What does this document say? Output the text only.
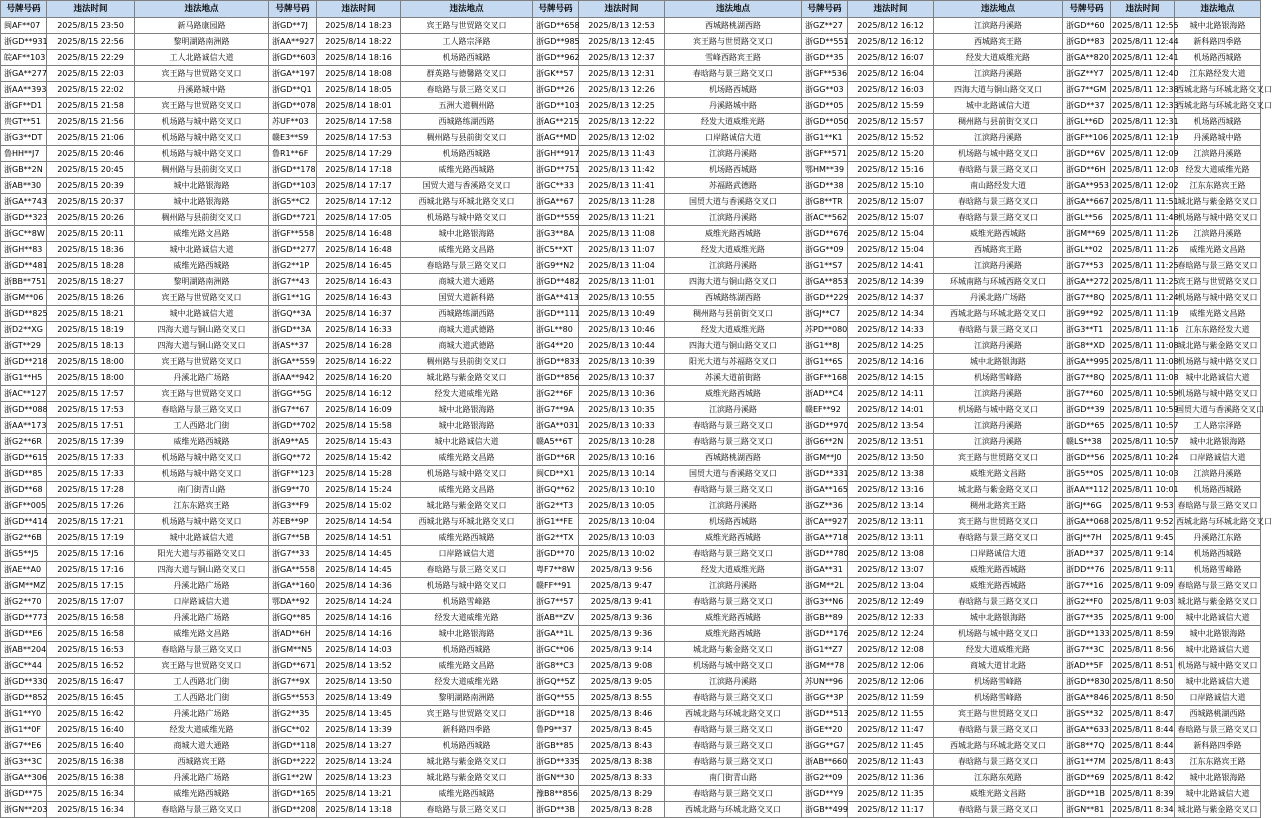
号牌号码	违法时间	违法地点	号牌号码	违法时间	违法地点	号牌号码	违法时间	违法地点	号牌号码	违法时间	违法地点	号牌号码	违法时间	违法地点
闽AF**07	2025/8/15 23:50	新马路康园路	浙GD**7J	2025/8/14 18:23	宾王路与世贸路交叉口	浙GD**658	2025/8/13 12:53	西城路桃湖西路	浙GZ**27	2025/8/12 16:12	江滨路丹溪路	浙GD**60	2025/8/11 12:55	城中北路银海路
浙GD**931	2025/8/15 22:56	黎明湖路南洲路	浙AA**927	2025/8/14 18:22	工人路宗泽路	浙GD**985	2025/8/13 12:45	宾王路与世贸路交叉口	浙GD**551	2025/8/12 16:12	西城路宾王路	浙GD**83	2025/8/11 12:44	新科路四季路
皖AF**103	2025/8/15 22:29	工人北路诚信大道	浙GD**603	2025/8/14 18:16	机场路西城路	浙GD**962	2025/8/13 12:37	雪峰西路宾王路	浙GD**35	2025/8/12 16:07	经发大道威维光路	浙GA**820	2025/8/11 12:41	机场路西城路
浙GA**277	2025/8/15 22:03	宾王路与世贸路交叉口	浙GA**197	2025/8/14 18:08	群英路与德馨路交叉口	浙GK**57	2025/8/13 12:31	春晗路与景三路交叉口	浙GF**536	2025/8/12 16:04	江滨路丹溪路	浙GZ**Y7	2025/8/11 12:40	江东路经发大道
浙AA**393	2025/8/15 22:02	丹溪路城中路	浙GD**Q1	2025/8/14 18:05	春晗路与景三路交叉口	浙GD**26	2025/8/13 12:26	机场路西城路	浙GG**03	2025/8/12 16:03	四海大道与铜山路交叉口	浙G7**GM	2025/8/11 12:38	西城北路与环城北路交叉口
浙GF**D1	2025/8/15 21:58	宾王路与世贸路交叉口	浙GD**078	2025/8/14 18:01	五洲大道稠州路	浙GD**103	2025/8/13 12:25	丹溪路城中路	浙GD**05	2025/8/12 15:59	城中北路诚信大道	浙GD**37	2025/8/11 12:33	西城北路与环城北路交叉口
贵GT**51	2025/8/15 21:56	机场路与城中路交叉口	苏UF**03	2025/8/14 17:58	西城路练湖西路	浙AG**215	2025/8/13 12:22	经发大道威维光路	浙GD**050	2025/8/12 15:57	稠州路与县前街交叉口	浙GL**6D	2025/8/11 12:31	机场路西城路
浙G3**DT	2025/8/15 21:06	机场路与城中路交叉口	赣E3**S9	2025/8/14 17:53	稠州路与县前街交叉口	浙AG**MD	2025/8/13 12:02	口岸路诚信大道	浙G1**K1	2025/8/12 15:52	江滨路丹溪路	浙GF**106	2025/8/11 12:19	丹溪路城中路
鲁HH**J7	2025/8/15 20:46	机场路与城中路交叉口	鲁R1**6F	2025/8/14 17:29	机场路西城路	浙GH**917	2025/8/13 11:43	江滨路丹溪路	浙GF**571	2025/8/12 15:20	机场路与城中路交叉口	浙GD**6V	2025/8/11 12:09	江滨路丹溪路
浙GB**2N	2025/8/15 20:45	稠州路与县前街交叉口	浙GD**178	2025/8/14 17:18	威维光路西城路	浙GD**751	2025/8/13 11:42	机场路西城路	鄂HM**39	2025/8/12 15:16	春晗路与景三路交叉口	浙GD**6H	2025/8/11 12:03	经发大道威维光路
浙AB**30	2025/8/15 20:39	城中北路银海路	浙GD**103	2025/8/14 17:17	国贸大道与香溪路交叉口	浙GC**33	2025/8/13 11:41	苏福路武德路	浙GD**38	2025/8/12 15:10	南山路经发大道	浙GA**953	2025/8/11 12:02	江东东路宾王路
浙GA**743	2025/8/15 20:37	城中北路银海路	浙G5**C2	2025/8/14 17:12	西城北路与环城北路交叉口	浙GA**67	2025/8/13 11:28	国贸大道与香溪路交叉口	浙G8**TR	2025/8/12 15:07	春晗路与景三路交叉口	浙GA**667	2025/8/11 11:51	城北路与紫金路交叉口
浙GD**323	2025/8/15 20:26	稠州路与县前街交叉口	浙GD**721	2025/8/14 17:05	机场路与城中路交叉口	浙GD**559	2025/8/13 11:21	江滨路丹溪路	浙AC**562	2025/8/12 15:07	春晗路与景三路交叉口	浙GL**56	2025/8/11 11:48	机场路与城中路交叉口
浙GC**8W	2025/8/15 20:11	威维光路文昌路	浙GF**558	2025/8/14 16:48	城中北路银海路	浙G3**8A	2025/8/13 11:08	威维光路西城路	浙GD**676	2025/8/12 15:04	威维光路西城路	浙GM**69	2025/8/11 11:26	江滨路丹溪路
浙GH**83	2025/8/15 18:36	城中北路诚信大道	浙GD**277	2025/8/14 16:48	威维光路文昌路	浙C5**XT	2025/8/13 11:07	经发大道威维光路	浙GG**09	2025/8/12 15:04	西城路宾王路	浙GL**02	2025/8/11 11:26	威维光路文昌路
浙GD**481	2025/8/15 18:28	威维光路西城路	浙G2**1P	2025/8/14 16:45	春晗路与景三路交叉口	浙G9**N2	2025/8/13 11:04	江滨路丹溪路	浙G1**S7	2025/8/12 14:41	江滨路丹溪路	浙G7**53	2025/8/11 11:25	春晗路与景三路交叉口
浙BB**751	2025/8/15 18:27	黎明湖路南洲路	浙G7**43	2025/8/14 16:43	商城大道大通路	浙GD**482	2025/8/13 11:01	四海大道与铜山路交叉口	浙GA**853	2025/8/12 14:39	环城南路与环城西路交叉口	浙GA**272	2025/8/11 11:25	宾王路与世贸路交叉口
浙GM**06	2025/8/15 18:26	宾王路与世贸路交叉口	浙G1**1G	2025/8/14 16:43	国贸大道新科路	浙GA**413	2025/8/13 10:55	西城路练湖西路	浙GD**229	2025/8/12 14:37	丹溪北路广场路	浙G7**8Q	2025/8/11 11:24	机场路与城中路交叉口
浙GD**825	2025/8/15 18:21	城中北路诚信大道	浙GQ**3A	2025/8/14 16:37	西城路练湖西路	浙GD**111	2025/8/13 10:49	稠州路与县前街交叉口	浙GJ**C7	2025/8/12 14:34	西城北路与环城北路交叉口	浙G9**92	2025/8/11 11:19	威维光路文昌路
浙D2**XG	2025/8/15 18:19	四海大道与铜山路交叉口	浙GD**3A	2025/8/14 16:33	商城大道武德路	浙GL**80	2025/8/13 10:46	经发大道威维光路	苏PD**080	2025/8/12 14:33	春晗路与景三路交叉口	浙G3**T1	2025/8/11 11:16	江东东路经发大道
浙GT**29	2025/8/15 18:13	四海大道与铜山路交叉口	浙AS**37	2025/8/14 16:28	商城大道武德路	浙G4**20	2025/8/13 10:44	四海大道与铜山路交叉口	浙G1**8J	2025/8/12 14:25	江滨路丹溪路	浙G8**XD	2025/8/11 11:08	城北路与紫金路交叉口
浙GD**218	2025/8/15 18:00	宾王路与世贸路交叉口	浙GA**559	2025/8/14 16:22	稠州路与县前街交叉口	浙GD**833	2025/8/13 10:39	阳光大道与苏福路交叉口	浙G1**6S	2025/8/12 14:16	城中北路银海路	浙GA**995	2025/8/11 11:08	机场路与城中路交叉口
浙G1**H5	2025/8/15 18:00	丹溪北路广场路	浙AA**942	2025/8/14 16:20	城北路与紫金路交叉口	浙GD**856	2025/8/13 10:37	苏溪大道前街路	浙GF**168	2025/8/12 14:15	机场路雪峰路	浙G7**8Q	2025/8/11 11:08	城中北路诚信大道
浙AC**127	2025/8/15 17:57	宾王路与世贸路交叉口	浙GG**5G	2025/8/14 16:12	经发大道威维光路	浙G2**6F	2025/8/13 10:36	威维光路西城路	浙AD**C4	2025/8/12 14:11	江滨路丹溪路	浙G7**60	2025/8/11 10:59	机场路与城中路交叉口
浙GD**088	2025/8/15 17:53	春晗路与景三路交叉口	浙G7**67	2025/8/14 16:09	城中北路银海路	浙G7**9A	2025/8/13 10:35	江滨路丹溪路	赣EF**92	2025/8/12 14:01	机场路与城中路交叉口	浙GD**39	2025/8/11 10:59	国贸大道与香溪路交叉口
浙AA**173	2025/8/15 17:51	工人西路北门街	浙GD**702	2025/8/14 15:58	城中北路银海路	浙GA**031	2025/8/13 10:33	春晗路与景三路交叉口	浙GD**970	2025/8/12 13:54	江滨路丹溪路	浙GD**65	2025/8/11 10:57	工人路宗泽路
浙G2**6R	2025/8/15 17:39	威维光路西城路	浙A9**A5	2025/8/14 15:43	城中北路诚信大道	赣A5**6T	2025/8/13 10:28	春晗路与景三路交叉口	浙G6**2N	2025/8/12 13:51	江滨路丹溪路	赣LS**38	2025/8/11 10:57	城中北路银海路
浙GD**615	2025/8/15 17:33	机场路与城中路交叉口	浙GQ**72	2025/8/14 15:42	威维光路文昌路	浙GD**6R	2025/8/13 10:16	西城路桃湖西路	浙GM**J0	2025/8/12 13:50	宾王路与世贸路交叉口	浙GD**56	2025/8/11 10:24	口岸路诚信大道
浙GD**85	2025/8/15 17:33	机场路与城中路交叉口	浙GF**123	2025/8/14 15:28	机场路与城中路交叉口	闽CD**X1	2025/8/13 10:14	国贸大道与香溪路交叉口	浙GD**331	2025/8/12 13:38	威维光路文昌路	浙G5**0S	2025/8/11 10:03	江滨路丹溪路
浙GD**68	2025/8/15 17:28	南门街青山路	浙G9**70	2025/8/14 15:24	威维光路文昌路	浙GQ**62	2025/8/13 10:10	春晗路与景三路交叉口	浙GA**165	2025/8/12 13:16	城北路与紫金路交叉口	浙AA**112	2025/8/11 10:01	机场路西城路
浙GF**005	2025/8/15 17:26	江东东路宾王路	浙G3**F9	2025/8/14 15:02	城北路与紫金路交叉口	浙G2**T3	2025/8/13 10:05	江滨路丹溪路	浙GZ**36	2025/8/12 13:14	稠州北路宾王路	浙GJ**6G	2025/8/11 9:53	春晗路与景三路交叉口
浙GD**414	2025/8/15 17:21	机场路与城中路交叉口	苏EB**9P	2025/8/14 14:54	西城北路与环城北路交叉口	浙G1**FE	2025/8/13 10:04	机场路西城路	浙CA**927	2025/8/12 13:11	宾王路与世贸路交叉口	浙GA**068	2025/8/11 9:52	西城北路与环城北路交叉口
浙G2**6B	2025/8/15 17:19	城中北路诚信大道	浙G7**5B	2025/8/14 14:51	威维光路西城路	浙G2**TX	2025/8/13 10:03	威维光路西城路	浙GA**718	2025/8/12 13:11	春晗路与景三路交叉口	浙GJ**7H	2025/8/11 9:45	丹溪路江东路
浙G5**J5	2025/8/15 17:16	阳光大道与苏福路交叉口	浙G7**33	2025/8/14 14:45	口岸路诚信大道	浙GD**70	2025/8/13 10:02	春晗路与景三路交叉口	浙GD**780	2025/8/12 13:08	口岸路诚信大道	浙AD**37	2025/8/11 9:14	机场路西城路
浙AE**A0	2025/8/15 17:16	四海大道与铜山路交叉口	浙GA**558	2025/8/14 14:45	春晗路与景三路交叉口	粤F7**8W	2025/8/13 9:56	经发大道威维光路	浙GA**31	2025/8/12 13:07	威维光路西城路	浙DD**76	2025/8/11 9:11	机场路雪峰路
浙GM**MZ	2025/8/15 17:15	丹溪北路广场路	浙GA**160	2025/8/14 14:36	机场路与城中路交叉口	赣FF**91	2025/8/13 9:47	江滨路丹溪路	浙GM**2L	2025/8/12 13:04	威维光路西城路	浙G7**16	2025/8/11 9:09	春晗路与景三路交叉口
浙G2**70	2025/8/15 17:07	口岸路诚信大道	鄂DA**92	2025/8/14 14:24	机场路雪峰路	浙G7**57	2025/8/13 9:41	春晗路与景三路交叉口	浙G3**N6	2025/8/12 12:49	春晗路与景三路交叉口	浙G2**F0	2025/8/11 9:03	城北路与紫金路交叉口
浙GD**773	2025/8/15 16:58	丹溪北路广场路	浙GQ**85	2025/8/14 14:16	经发大道威维光路	浙AB**ZV	2025/8/13 9:36	威维光路西城路	浙GB**89	2025/8/12 12:33	城中北路银海路	浙G7**35	2025/8/11 9:00	城中北路诚信大道
浙GD**E6	2025/8/15 16:58	威维光路文昌路	浙AD**6H	2025/8/14 14:16	城中北路银海路	浙GA**1L	2025/8/13 9:36	威维光路西城路	浙GD**176	2025/8/12 12:24	机场路与城中路交叉口	浙GD**133	2025/8/11 8:59	城中北路银海路
浙AB**204	2025/8/15 16:53	春晗路与景三路交叉口	浙GM**N5	2025/8/14 14:03	机场路西城路	浙GC**06	2025/8/13 9:14	城北路与紫金路交叉口	浙G1**Z7	2025/8/12 12:08	经发大道威维光路	浙G7**3C	2025/8/11 8:56	城中北路诚信大道
浙GC**44	2025/8/15 16:52	宾王路与世贸路交叉口	浙GD**671	2025/8/14 13:52	威维光路文昌路	浙G8**C3	2025/8/13 9:08	机场路与城中路交叉口	浙GM**78	2025/8/12 12:06	商城大道甘北路	浙AD**5F	2025/8/11 8:51	机场路与城中路交叉口
浙GD**330	2025/8/15 16:47	工人西路北门街	浙G7**9X	2025/8/14 13:50	经发大道威维光路	浙GQ**5Z	2025/8/13 9:05	江滨路丹溪路	苏UN**96	2025/8/12 12:06	机场路雪峰路	浙GD**830	2025/8/11 8:50	城中北路诚信大道
浙GD**852	2025/8/15 16:45	工人西路北门街	浙G5**553	2025/8/14 13:49	黎明湖路南洲路	浙GQ**55	2025/8/13 8:55	春晗路与景三路交叉口	浙GG**3P	2025/8/12 11:59	机场路雪峰路	浙GA**846	2025/8/11 8:50	口岸路诚信大道
浙G1**Y0	2025/8/15 16:42	丹溪北路广场路	浙G2**35	2025/8/14 13:45	宾王路与世贸路交叉口	浙GD**18	2025/8/13 8:46	西城北路与环城北路交叉口	浙GD**513	2025/8/12 11:55	宾王路与世贸路交叉口	浙GS**32	2025/8/11 8:47	西城路桃湖西路
浙G1**0F	2025/8/15 16:40	经发大道威维光路	浙GC**02	2025/8/14 13:39	新科路四季路	鲁P9**37	2025/8/13 8:45	春晗路与景三路交叉口	浙GE**20	2025/8/12 11:47	春晗路与景三路交叉口	浙GA**633	2025/8/11 8:44	春晗路与景三路交叉口
浙G7**E6	2025/8/15 16:40	商城大道大通路	浙GD**118	2025/8/14 13:27	机场路西城路	浙GB**85	2025/8/13 8:43	春晗路与景三路交叉口	浙GG**G7	2025/8/12 11:45	西城北路与环城北路交叉口	浙G8**7Q	2025/8/11 8:44	新科路四季路
浙G3**3C	2025/8/15 16:38	西城路宾王路	浙GD**222	2025/8/14 13:24	城北路与紫金路交叉口	浙GD**335	2025/8/13 8:38	春晗路与景三路交叉口	浙AB**660	2025/8/12 11:43	春晗路与景三路交叉口	浙G1**7M	2025/8/11 8:43	江东东路宾王路
浙GA**306	2025/8/15 16:38	丹溪北路广场路	浙G1**2W	2025/8/14 13:23	城北路与紫金路交叉口	浙GN**30	2025/8/13 8:33	南门街青山路	浙G2**09	2025/8/12 11:36	江东路东苑路	浙GD**69	2025/8/11 8:42	城中北路银海路
浙GD**75	2025/8/15 16:34	威维光路西城路	浙GD**165	2025/8/14 13:21	威维光路西城路	豫B8**856	2025/8/13 8:29	春晗路与景三路交叉口	浙GD**Y9	2025/8/12 11:35	威维光路文昌路	浙GD**1B	2025/8/11 8:39	城中北路诚信大道
浙GN**203	2025/8/15 16:34	春晗路与景三路交叉口	浙GD**208	2025/8/14 13:18	春晗路与景三路交叉口	浙GD**3B	2025/8/13 8:28	西城北路与环城北路交叉口	浙GB**499	2025/8/12 11:17	春晗路与景三路交叉口	浙GN**81	2025/8/11 8:34	城北路与紫金路交叉口
